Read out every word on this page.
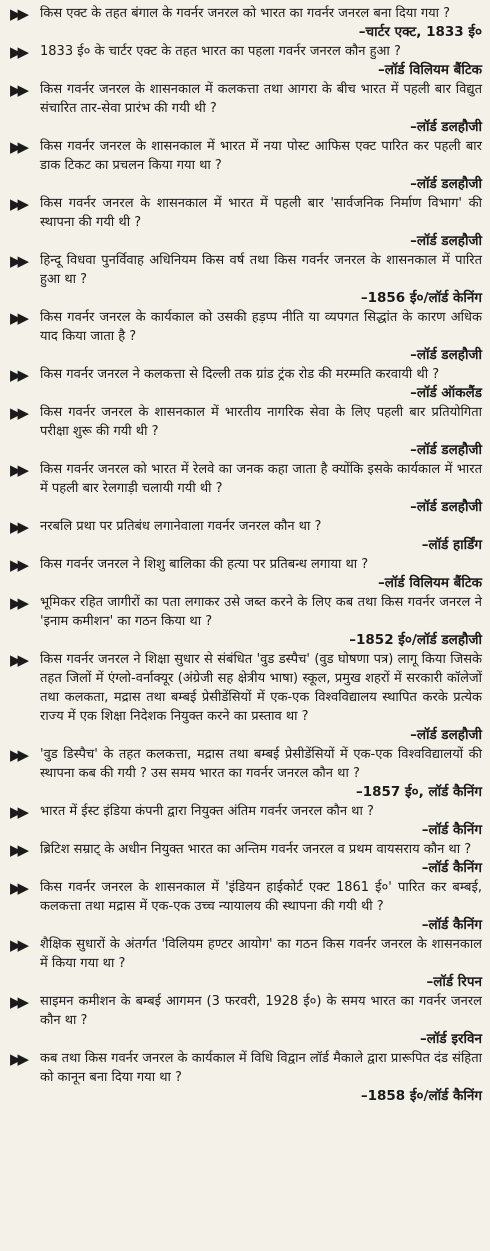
▶▶	किस एक्ट के तहत बंगाल के गवर्नर जनरल को भारत का गवर्नर जनरल बना दिया गया ?
–चार्टर एक्ट, 1833 ई०
▶▶	1833 ई० के चार्टर एक्ट के तहत भारत का पहला गवर्नर जनरल कौन हुआ ?
–लॉर्ड विलियम बैंटिक
▶▶	किस गवर्नर जनरल के शासनकाल में कलकत्ता तथा आगरा के बीच भारत में पहली बार विद्युत संचारित तार-सेवा प्रारंभ की गयी थी ?
–लॉर्ड डलहौजी
▶▶	किस गवर्नर जनरल के शासनकाल में भारत में नया पोस्ट आफिस एक्ट पारित कर पहली बार डाक टिकट का प्रचलन किया गया था ?
–लॉर्ड डलहौजी
▶▶	किस गवर्नर जनरल के शासनकाल में भारत में पहली बार 'सार्वजनिक निर्माण विभाग' की स्थापना की गयी थी ?
–लॉर्ड डलहौजी
▶▶	हिन्दू विधवा पुनर्विवाह अधिनियम किस वर्ष तथा किस गवर्नर जनरल के शासनकाल में पारित हुआ था ?
–1856 ई०/लॉर्ड केनिंग
▶▶	किस गवर्नर जनरल के कार्यकाल को उसकी हड़प्प नीति या व्यपगत सिद्धांत के कारण अधिक याद किया जाता है ?
–लॉर्ड डलहौजी
▶▶	किस गवर्नर जनरल ने कलकत्ता से दिल्ली तक ग्रांड ट्रंक रोड की मरम्मति करवायी थी ?
–लॉर्ड ऑकलैंड
▶▶	किस गवर्नर जनरल के शासनकाल में भारतीय नागरिक सेवा के लिए पहली बार प्रतियोगिता परीक्षा शुरू की गयी थी ?
–लॉर्ड डलहौजी
▶▶	किस गवर्नर जनरल को भारत में रेलवे का जनक कहा जाता है क्योंकि इसके कार्यकाल में भारत में पहली बार रेलगाड़ी चलायी गयी थी ?
–लॉर्ड डलहौजी
▶▶	नरबलि प्रथा पर प्रतिबंध लगानेवाला गवर्नर जनरल कौन था ?
–लॉर्ड हार्डिंग
▶▶	किस गवर्नर जनरल ने शिशु बालिका की हत्या पर प्रतिबन्ध लगाया था ?
–लॉर्ड विलियम बैंटिक
▶▶	भूमिकर रहित जागीरों का पता लगाकर उसे जब्त करने के लिए कब तथा किस गवर्नर जनरल ने 'इनाम कमीशन' का गठन किया था ?
–1852 ई०/लॉर्ड डलहौजी
▶▶	किस गवर्नर जनरल ने शिक्षा सुधार से संबंधित 'वुड डस्पैच' (वुड घोषणा पत्र) लागू किया जिसके तहत जिलों में एंग्लो-वर्नाक्यूर (अंग्रेजी सह क्षेत्रीय भाषा) स्कूल, प्रमुख शहरों में सरकारी कॉलेजों तथा कलकता, मद्रास तथा बम्बई प्रेसीडेंसियों में एक-एक विश्वविद्यालय स्थापित करके प्रत्येक राज्य में एक शिक्षा निदेशक नियुक्त करने का प्रस्ताव था ?
–लॉर्ड डलहौजी
▶▶	'वुड डिस्पैच' के तहत कलकत्ता, मद्रास तथा बम्बई प्रेसीडेंसियों में एक-एक विश्वविद्यालयों की स्थापना कब की गयी ? उस समय भारत का गवर्नर जनरल कौन था ?
–1857 ई०, लॉर्ड कैनिंग
▶▶	भारत में ईस्ट इंडिया कंपनी द्वारा नियुक्त अंतिम गवर्नर जनरल कौन था ?
–लॉर्ड कैनिंग
▶▶	ब्रिटिश सम्राट् के अधीन नियुक्त भारत का अन्तिम गवर्नर जनरल व प्रथम वायसराय कौन था ?
–लॉर्ड कैनिंग
▶▶	किस गवर्नर जनरल के शासनकाल में 'इंडियन हाईकोर्ट एक्ट 1861 ई०' पारित कर बम्बई, कलकत्ता तथा मद्रास में एक-एक उच्च न्यायालय की स्थापना की गयी थी ?
–लॉर्ड कैनिंग
▶▶	शैक्षिक सुधारों के अंतर्गत 'विलियम हण्टर आयोग' का गठन किस गवर्नर जनरल के शासनकाल में किया गया था ?
–लॉर्ड रिपन
▶▶	साइमन कमीशन के बम्बई आगमन (3 फरवरी, 1928 ई०) के समय भारत का गवर्नर जनरल कौन था ?
–लॉर्ड इरविन
▶▶	कब तथा किस गवर्नर जनरल के कार्यकाल में विधि विद्वान लॉर्ड मैकाले द्वारा प्रारूपित दंड संहिता को कानून बना दिया गया था ?
–1858 ई०/लॉर्ड कैनिंग
